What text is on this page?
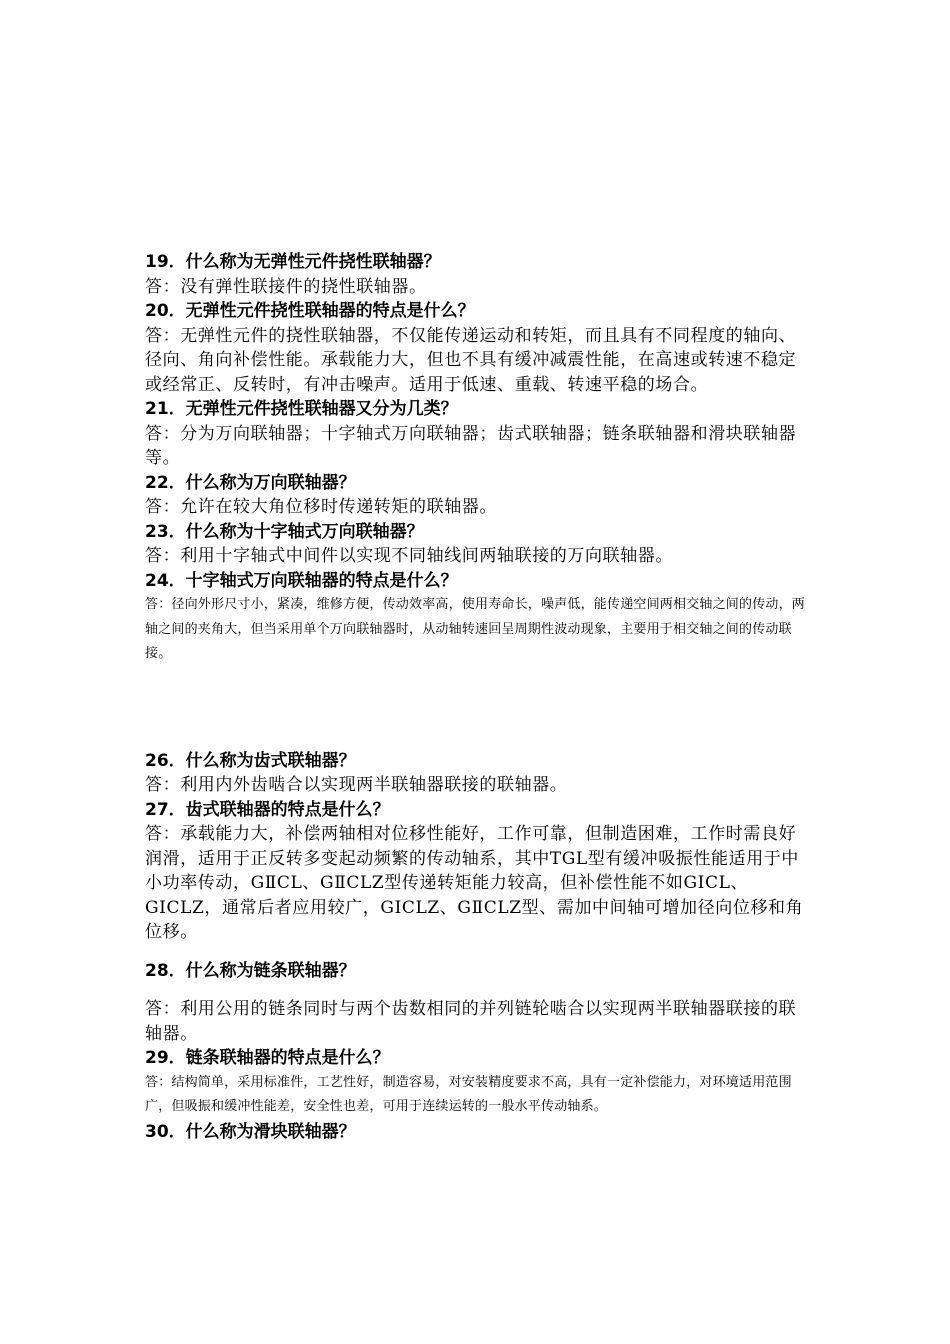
19．什么称为无弹性元件挠性联轴器？

答：没有弹性联接件的挠性联轴器。

20．无弹性元件挠性联轴器的特点是什么？

答：无弹性元件的挠性联轴器，不仅能传递运动和转矩，而且具有不同程度的轴向、径向、角向补偿性能。承载能力大，但也不具有缓冲减震性能，在高速或转速不稳定或经常正、反转时，有冲击噪声。适用于低速、重载、转速平稳的场合。

21．无弹性元件挠性联轴器又分为几类？

答：分为万向联轴器；十字轴式万向联轴器；齿式联轴器；链条联轴器和滑块联轴器等。

22．什么称为万向联轴器？

答：允许在较大角位移时传递转矩的联轴器。

23．什么称为十字轴式万向联轴器？

答：利用十字轴式中间件以实现不同轴线间两轴联接的万向联轴器。

24．十字轴式万向联轴器的特点是什么？

答：径向外形尺寸小，紧凑，维修方便，传动效率高，使用寿命长，噪声低，能传递空间两相交轴之间的传动，两轴之间的夹角大，但当采用单个万向联轴器时，从动轴转速回呈周期性波动现象，主要用于相交轴之间的传动联接。

26．什么称为齿式联轴器？

答：利用内外齿啮合以实现两半联轴器联接的联轴器。

27．齿式联轴器的特点是什么？

答：承载能力大，补偿两轴相对位移性能好，工作可靠，但制造困难，工作时需良好润滑，适用于正反转多变起动频繁的传动轴系，其中TGL型有缓冲吸振性能适用于中小功率传动，GⅡCL、GⅡCLZ型传递转矩能力较高，但补偿性能不如GICL、GICLZ，通常后者应用较广，GICLZ、GⅡCLZ型、需加中间轴可增加径向位移和角位移。

28．什么称为链条联轴器？

答：利用公用的链条同时与两个齿数相同的并列链轮啮合以实现两半联轴器联接的联轴器。

29．链条联轴器的特点是什么？

答：结构简单，采用标准件，工艺性好，制造容易，对安装精度要求不高，具有一定补偿能力，对环境适用范围广，但吸振和缓冲性能差，安全性也差，可用于连续运转的一般水平传动轴系。

30．什么称为滑块联轴器？
